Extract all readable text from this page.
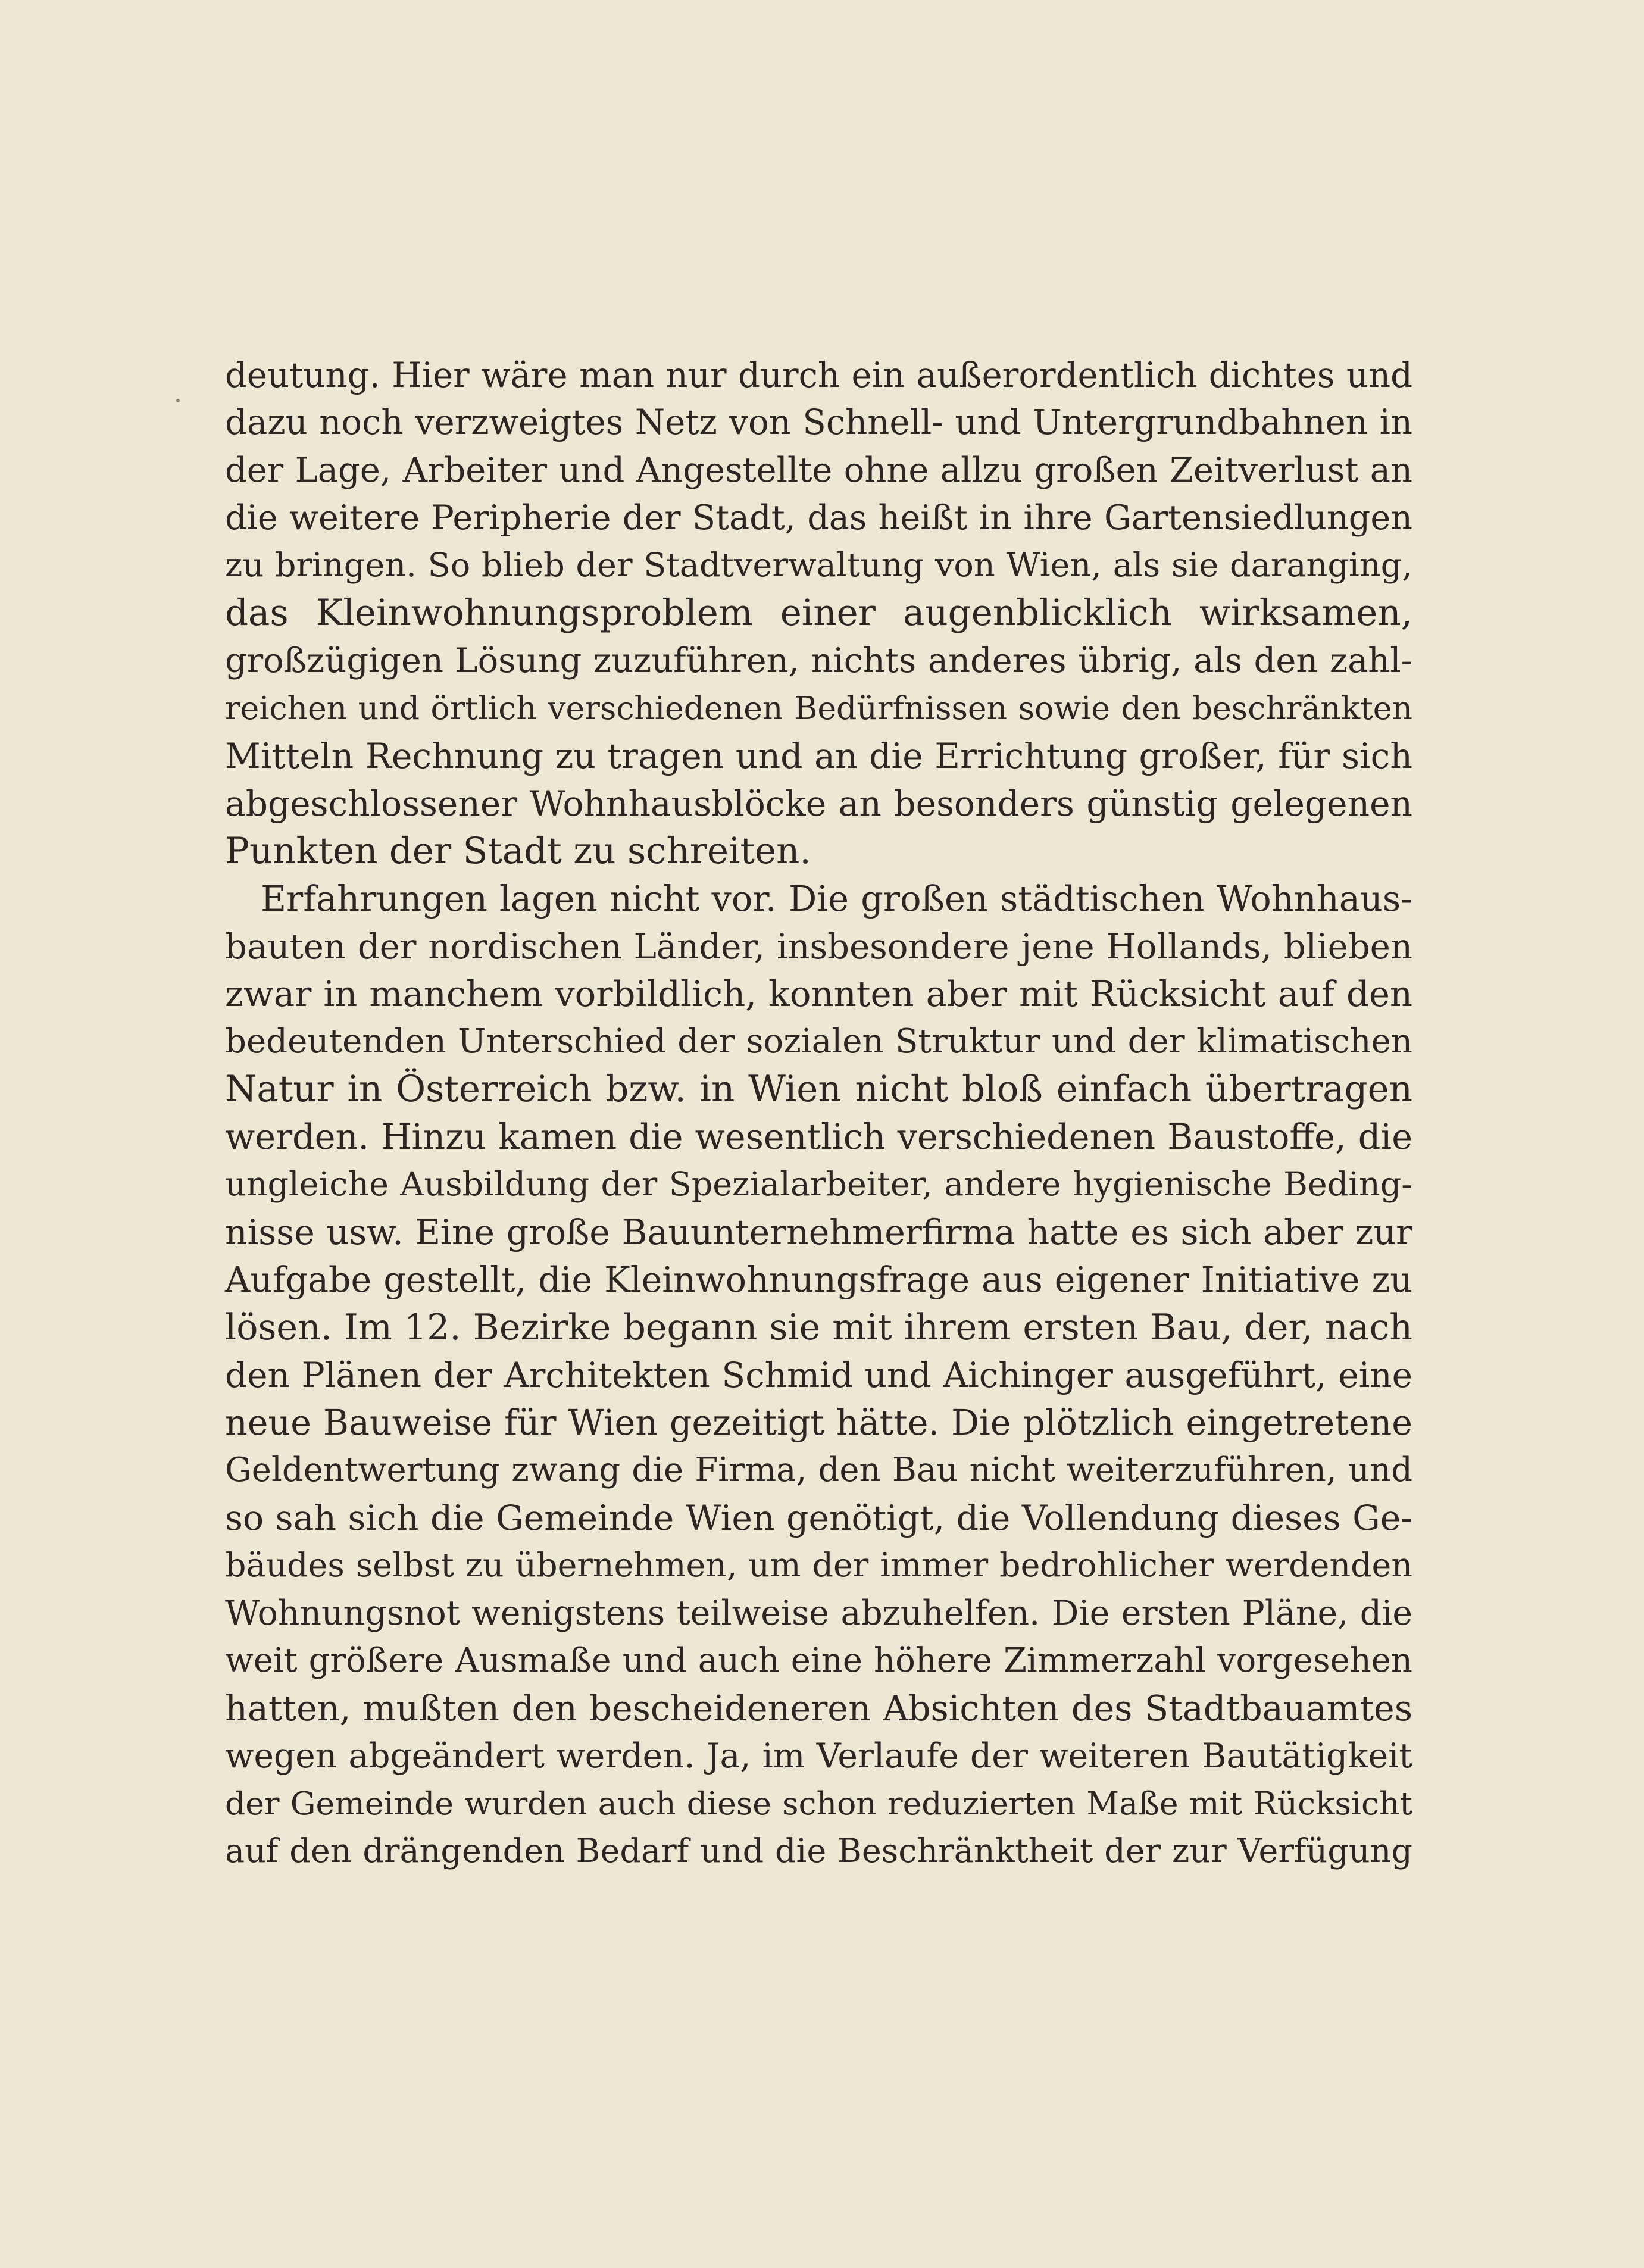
deutung. Hier wäre man nur durch ein außerordentlich dichtes und
dazu noch verzweigtes Netz von Schnell- und Untergrundbahnen in
der Lage, Arbeiter und Angestellte ohne allzu großen Zeitverlust an
die weitere Peripherie der Stadt, das heißt in ihre Gartensiedlungen
zu bringen. So blieb der Stadtverwaltung von Wien, als sie daranging,
das Kleinwohnungsproblem einer augenblicklich wirksamen,
großzügigen Lösung zuzuführen, nichts anderes übrig, als den zahl-
reichen und örtlich verschiedenen Bedürfnissen sowie den beschränkten
Mitteln Rechnung zu tragen und an die Errichtung großer, für sich
abgeschlossener Wohnhausblöcke an besonders günstig gelegenen
Punkten der Stadt zu schreiten.
Erfahrungen lagen nicht vor. Die großen städtischen Wohnhaus-
bauten der nordischen Länder, insbesondere jene Hollands, blieben
zwar in manchem vorbildlich, konnten aber mit Rücksicht auf den
bedeutenden Unterschied der sozialen Struktur und der klimatischen
Natur in Österreich bzw. in Wien nicht bloß einfach übertragen
werden. Hinzu kamen die wesentlich verschiedenen Baustoffe, die
ungleiche Ausbildung der Spezialarbeiter, andere hygienische Beding-
nisse usw. Eine große Bauunternehmerfirma hatte es sich aber zur
Aufgabe gestellt, die Kleinwohnungsfrage aus eigener Initiative zu
lösen. Im 12. Bezirke begann sie mit ihrem ersten Bau, der, nach
den Plänen der Architekten Schmid und Aichinger ausgeführt, eine
neue Bauweise für Wien gezeitigt hätte. Die plötzlich eingetretene
Geldentwertung zwang die Firma, den Bau nicht weiterzuführen, und
so sah sich die Gemeinde Wien genötigt, die Vollendung dieses Ge-
bäudes selbst zu übernehmen, um der immer bedrohlicher werdenden
Wohnungsnot wenigstens teilweise abzuhelfen. Die ersten Pläne, die
weit größere Ausmaße und auch eine höhere Zimmerzahl vorgesehen
hatten, mußten den bescheideneren Absichten des Stadtbauamtes
wegen abgeändert werden. Ja, im Verlaufe der weiteren Bautätigkeit
der Gemeinde wurden auch diese schon reduzierten Maße mit Rücksicht
auf den drängenden Bedarf und die Beschränktheit der zur Verfügung
